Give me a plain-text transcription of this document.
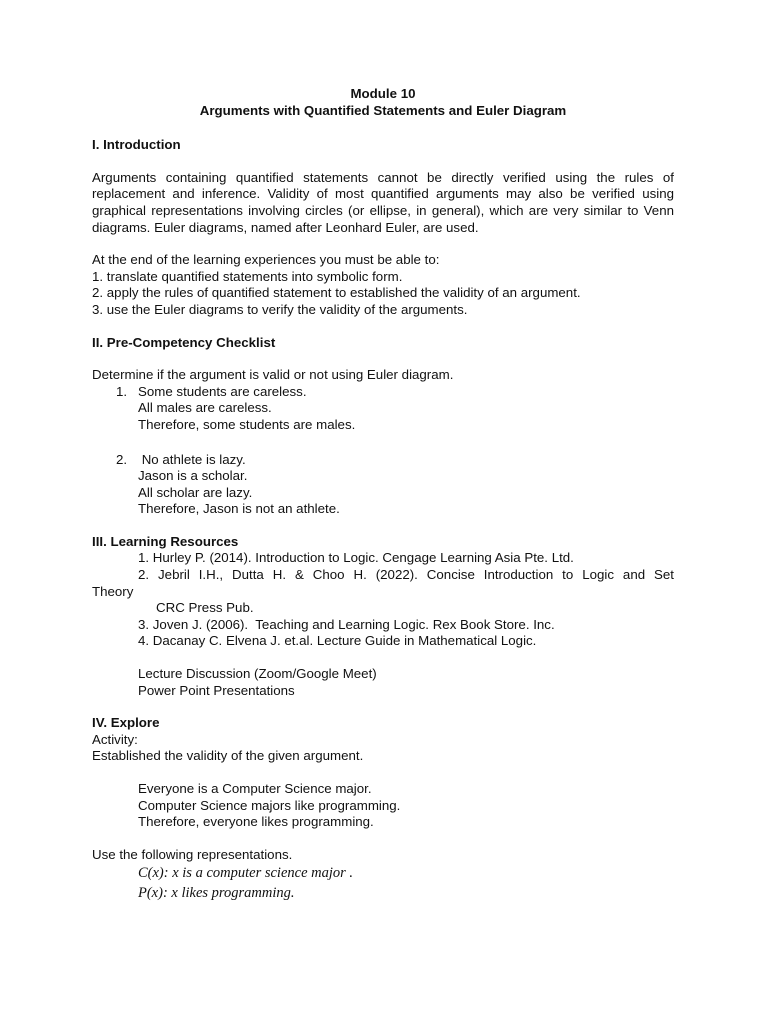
Module 10

Arguments with Quantified Statements and Euler Diagram

I. Introduction

Arguments containing quantified statements cannot be directly verified using the rules of replacement and inference. Validity of most quantified arguments may also be verified using graphical representations involving circles (or ellipse, in general), which are very similar to Venn diagrams. Euler diagrams, named after Leonhard Euler, are used.

At the end of the learning experiences you must be able to:

1. translate quantified statements into symbolic form.

2. apply the rules of quantified statement to established the validity of an argument.

3. use the Euler diagrams to verify the validity of the arguments.

II. Pre-Competency Checklist

Determine if the argument is valid or not using Euler diagram.

1. Some students are careless.

All males are careless.

Therefore, some students are males.

2. No athlete is lazy.

Jason is a scholar.

All scholar are lazy.

Therefore, Jason is not an athlete.

III. Learning Resources

1. Hurley P. (2014). Introduction to Logic. Cengage Learning Asia Pte. Ltd.

2. Jebril I.H., Dutta H. & Choo H. (2022). Concise Introduction to Logic and Set

Theory

CRC Press Pub.

3. Joven J. (2006).  Teaching and Learning Logic. Rex Book Store. Inc.

4. Dacanay C. Elvena J. et.al. Lecture Guide in Mathematical Logic.

Lecture Discussion (Zoom/Google Meet)

Power Point Presentations

IV. Explore

Activity:

Established the validity of the given argument.

Everyone is a Computer Science major.

Computer Science majors like programming.

Therefore, everyone likes programming.

Use the following representations.

C(x): x is a computer science major .

P(x): x likes programming.
